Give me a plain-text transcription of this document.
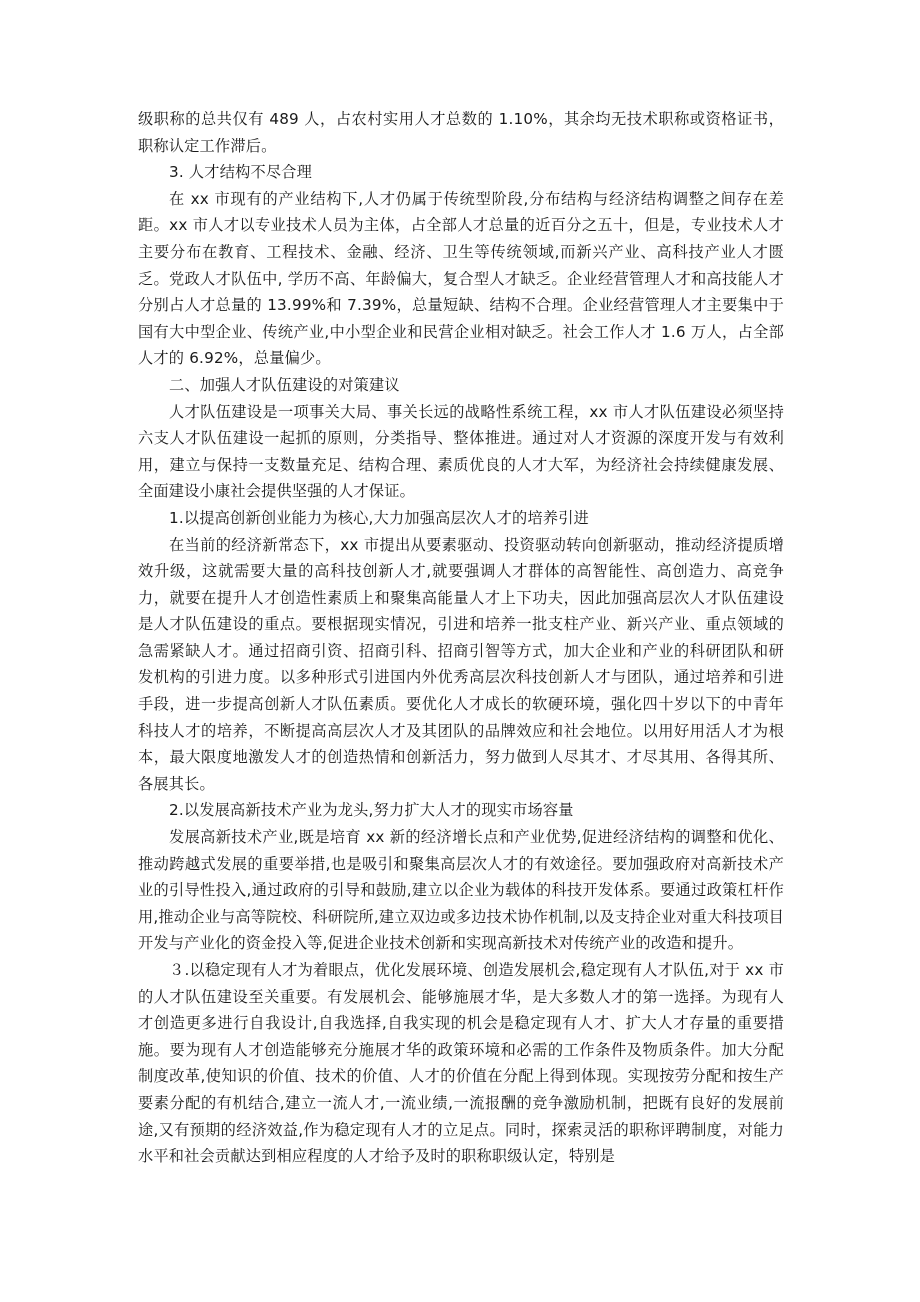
级职称的总共仅有 489 人，占农村实用人才总数的 1.10%，其余均无技术职称或资格证书，职称认定工作滞后。

3. 人才结构不尽合理

在 xx 市现有的产业结构下,人才仍属于传统型阶段,分布结构与经济结构调整之间存在差距。xx 市人才以专业技术人员为主体，占全部人才总量的近百分之五十，但是，专业技术人才主要分布在教育、工程技术、金融、经济、卫生等传统领域,而新兴产业、高科技产业人才匮乏。党政人才队伍中, 学历不高、年龄偏大，复合型人才缺乏。企业经营管理人才和高技能人才分别占人才总量的 13.99%和 7.39%，总量短缺、结构不合理。企业经营管理人才主要集中于国有大中型企业、传统产业,中小型企业和民营企业相对缺乏。社会工作人才 1.6 万人，占全部人才的 6.92%，总量偏少。

二、加强人才队伍建设的对策建议

人才队伍建设是一项事关大局、事关长远的战略性系统工程，xx 市人才队伍建设必须坚持六支人才队伍建设一起抓的原则，分类指导、整体推进。通过对人才资源的深度开发与有效利用，建立与保持一支数量充足、结构合理、素质优良的人才大军，为经济社会持续健康发展、全面建设小康社会提供坚强的人才保证。

1.以提高创新创业能力为核心,大力加强高层次人才的培养引进

在当前的经济新常态下，xx 市提出从要素驱动、投资驱动转向创新驱动，推动经济提质增效升级，这就需要大量的高科技创新人才,就要强调人才群体的高智能性、高创造力、高竞争力，就要在提升人才创造性素质上和聚集高能量人才上下功夫，因此加强高层次人才队伍建设是人才队伍建设的重点。要根据现实情况，引进和培养一批支柱产业、新兴产业、重点领域的急需紧缺人才。通过招商引资、招商引科、招商引智等方式，加大企业和产业的科研团队和研发机构的引进力度。以多种形式引进国内外优秀高层次科技创新人才与团队，通过培养和引进手段，进一步提高创新人才队伍素质。要优化人才成长的软硬环境，强化四十岁以下的中青年科技人才的培养，不断提高高层次人才及其团队的品牌效应和社会地位。以用好用活人才为根本，最大限度地激发人才的创造热情和创新活力，努力做到人尽其才、才尽其用、各得其所、各展其长。

2.以发展高新技术产业为龙头,努力扩大人才的现实市场容量

发展高新技术产业,既是培育 xx 新的经济增长点和产业优势,促进经济结构的调整和优化、推动跨越式发展的重要举措,也是吸引和聚集高层次人才的有效途径。要加强政府对高新技术产业的引导性投入,通过政府的引导和鼓励,建立以企业为载体的科技开发体系。要通过政策杠杆作用,推动企业与高等院校、科研院所,建立双边或多边技术协作机制,以及支持企业对重大科技项目开发与产业化的资金投入等,促进企业技术创新和实现高新技术对传统产业的改造和提升。

３.以稳定现有人才为着眼点，优化发展环境、创造发展机会,稳定现有人才队伍,对于 xx 市的人才队伍建设至关重要。有发展机会、能够施展才华，是大多数人才的第一选择。为现有人才创造更多进行自我设计,自我选择,自我实现的机会是稳定现有人才、扩大人才存量的重要措施。要为现有人才创造能够充分施展才华的政策环境和必需的工作条件及物质条件。加大分配制度改革,使知识的价值、技术的价值、人才的价值在分配上得到体现。实现按劳分配和按生产要素分配的有机结合,建立一流人才,一流业绩,一流报酬的竞争激励机制，把既有良好的发展前途,又有预期的经济效益,作为稳定现有人才的立足点。同时，探索灵活的职称评聘制度，对能力水平和社会贡献达到相应程度的人才给予及时的职称职级认定，特别是
